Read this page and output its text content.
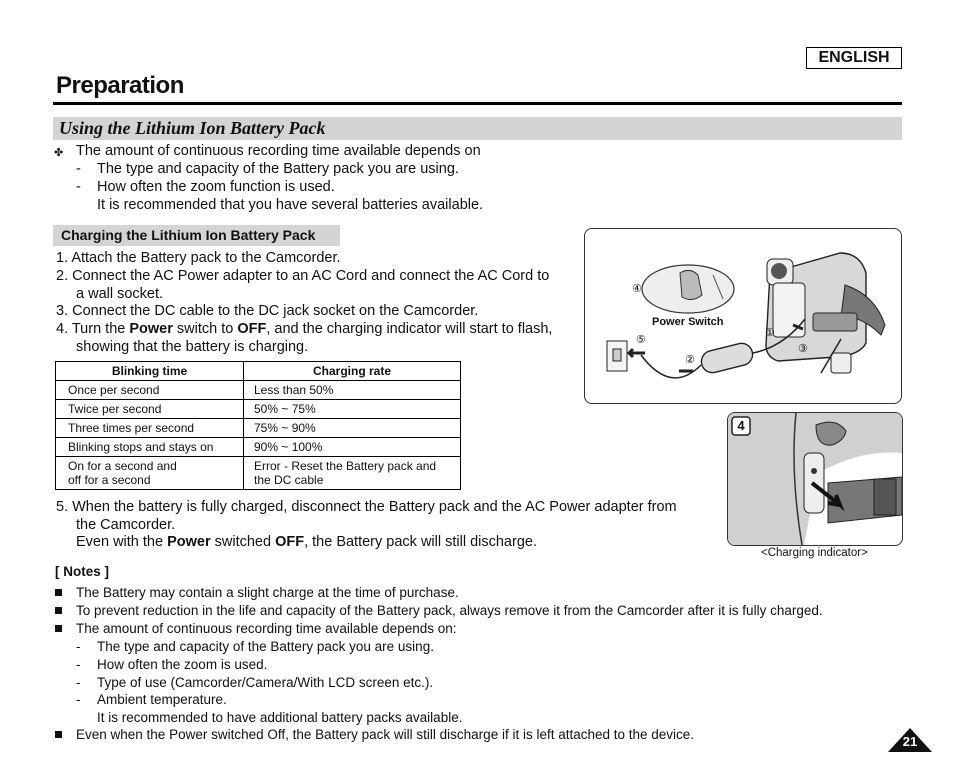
ENGLISH
Preparation
Using the Lithium Ion Battery Pack
✤ The amount of continuous recording time available depends on
- The type and capacity of the Battery pack you are using.
- How often the zoom function is used.
It is recommended that you have several batteries available.
Charging the Lithium Ion Battery Pack
1. Attach the Battery pack to the Camcorder.
2. Connect the AC Power adapter to an AC Cord and connect the AC Cord to
a wall socket.
3. Connect the DC cable to the DC jack socket on the Camcorder.
4. Turn the Power switch to OFF, and the charging indicator will start to flash,
showing that the battery is charging.
Blinking time	Charging rate
Once per second	Less than 50%
Twice per second	50% ~ 75%
Three times per second	75% ~ 90%
Blinking stops and stays on	90% ~ 100%
On for a second and
off for a second	Error - Reset the Battery pack and
the DC cable
④
Power Switch
①
②
③
⑤
4
<Charging indicator>
5. When the battery is fully charged, disconnect the Battery pack and the AC Power adapter from
the Camcorder.
Even with the Power switched OFF, the Battery pack will still discharge.
[ Notes ]
The Battery may contain a slight charge at the time of purchase.
To prevent reduction in the life and capacity of the Battery pack, always remove it from the Camcorder after it is fully charged.
The amount of continuous recording time available depends on:
- The type and capacity of the Battery pack you are using.
- How often the zoom is used.
- Type of use (Camcorder/Camera/With LCD screen etc.).
- Ambient temperature.
It is recommended to have additional battery packs available.
Even when the Power switched Off, the Battery pack will still discharge if it is left attached to the device.	21
